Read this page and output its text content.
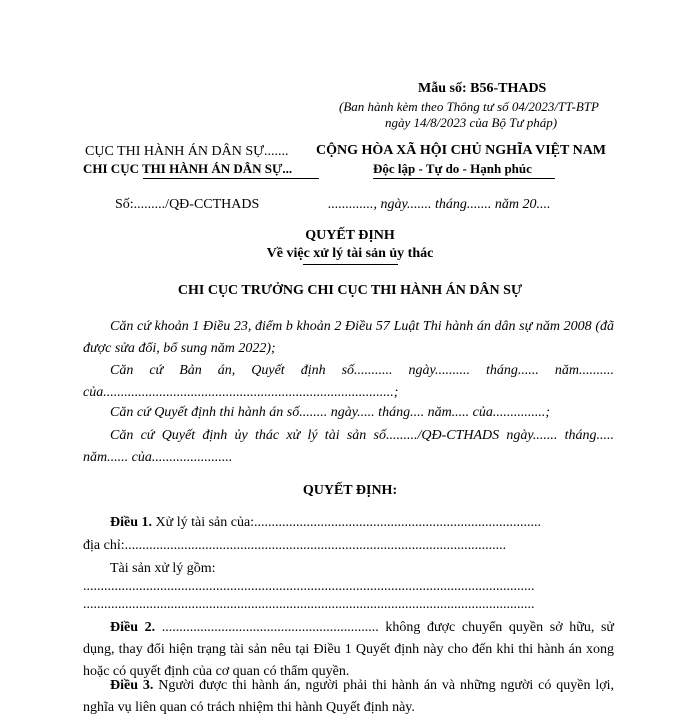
Mẫu số: B56-THADS
(Ban hành kèm theo Thông tư số 04/2023/TT-BTP
ngày 14/8/2023 của Bộ Tư pháp)
CỤC THI HÀNH ÁN DÂN SỰ.......
CHI CỤC THI HÀNH ÁN DÂN SỰ...
Số:........./QĐ-CCTHADS
CỘNG HÒA XÃ HỘI CHỦ NGHĨA VIỆT NAM
Độc lập - Tự do - Hạnh phúc
............., ngày....... tháng....... năm 20....
QUYẾT ĐỊNH
Về việc xử lý tài sản ủy thác
CHI CỤC TRƯỞNG CHI CỤC THI HÀNH ÁN DÂN SỰ
Căn cứ khoản 1 Điều 23, điểm b khoản 2 Điều 57 Luật Thi hành án dân sự năm 2008 (đã được sửa đổi, bổ sung năm 2022);
Căn cứ Bản án, Quyết định số........... ngày.......... tháng...... năm.......... của...................................................................................;
Căn cứ Quyết định thi hành án số........ ngày..... tháng.... năm..... của...............;
Căn cứ Quyết định ủy thác xử lý tài sản số........./QĐ-CTHADS ngày....... tháng..... năm...... của.......................
QUYẾT ĐỊNH:
Điều 1. Xử lý tài sản của:..................................................................................
địa chỉ:.............................................................................................................
Tài sản xử lý gồm:
.................................................................................................................................
.................................................................................................................................
Điều 2. .............................................................. không được chuyển quyền sở hữu, sử dụng, thay đổi hiện trạng tài sản nêu tại Điều 1 Quyết định này cho đến khi thi hành án xong hoặc có quyết định của cơ quan có thẩm quyền.
Điều 3. Người được thi hành án, người phải thi hành án và những người có quyền lợi, nghĩa vụ liên quan có trách nhiệm thi hành Quyết định này.
